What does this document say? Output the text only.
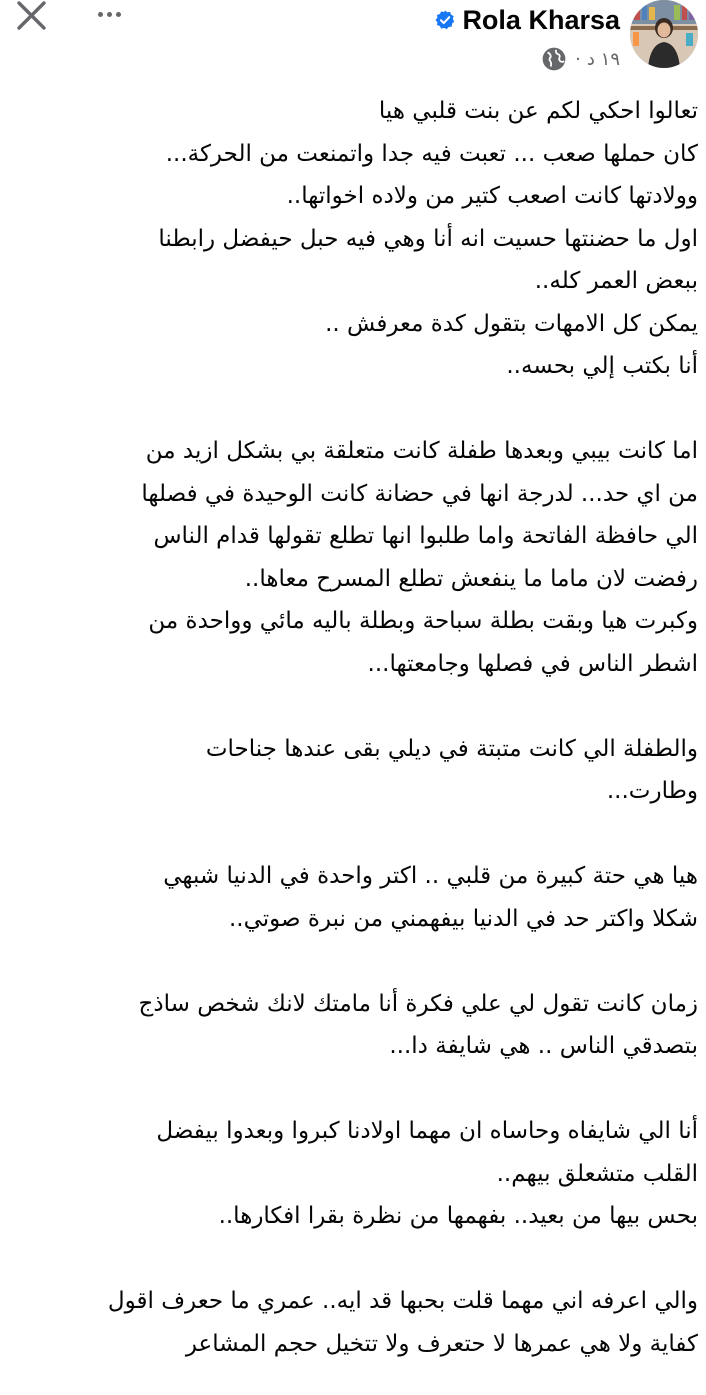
Rola Kharsa
· ١٩ د
تعالوا احكي لكم عن بنت قلبي هيا
كان حملها صعب ... تعبت فيه جدا واتمنعت من الحركة...
وولادتها كانت اصعب كتير من ولاده اخواتها..
اول ما حضنتها حسيت انه أنا وهي فيه حبل حيفضل رابطنا
ببعض العمر كله..
يمكن كل الامهات بتقول كدة معرفش ..
أنا بكتب إلي بحسه..
اما كانت بيبي وبعدها طفلة كانت متعلقة بي بشكل ازيد من
من اي حد... لدرجة انها في حضانة كانت الوحيدة في فصلها
الي حافظة الفاتحة واما طلبوا انها تطلع تقولها قدام الناس
رفضت لان ماما ما ينفعش تطلع المسرح معاها..
وكبرت هيا وبقت بطلة سباحة وبطلة باليه مائي وواحدة من
اشطر الناس في فصلها وجامعتها...
والطفلة الي كانت متبتة في ديلي بقى عندها جناحات
وطارت...
هيا هي حتة كبيرة من قلبي .. اكتر واحدة في الدنيا شبهي
شكلا واكتر حد في الدنيا بيفهمني من نبرة صوتي..
زمان كانت تقول لي علي فكرة أنا مامتك لانك شخص ساذج
بتصدقي الناس .. هي شايفة دا...
أنا الي شايفاه وحاساه ان مهما اولادنا كبروا وبعدوا بيفضل
القلب متشعلق بيهم..
بحس بيها من بعيد.. بفهمها من نظرة بقرا افكارها..
والي اعرفه اني مهما قلت بحبها قد ايه.. عمري ما حعرف اقول
كفاية ولا هي عمرها لا حتعرف ولا تتخيل حجم المشاعر
